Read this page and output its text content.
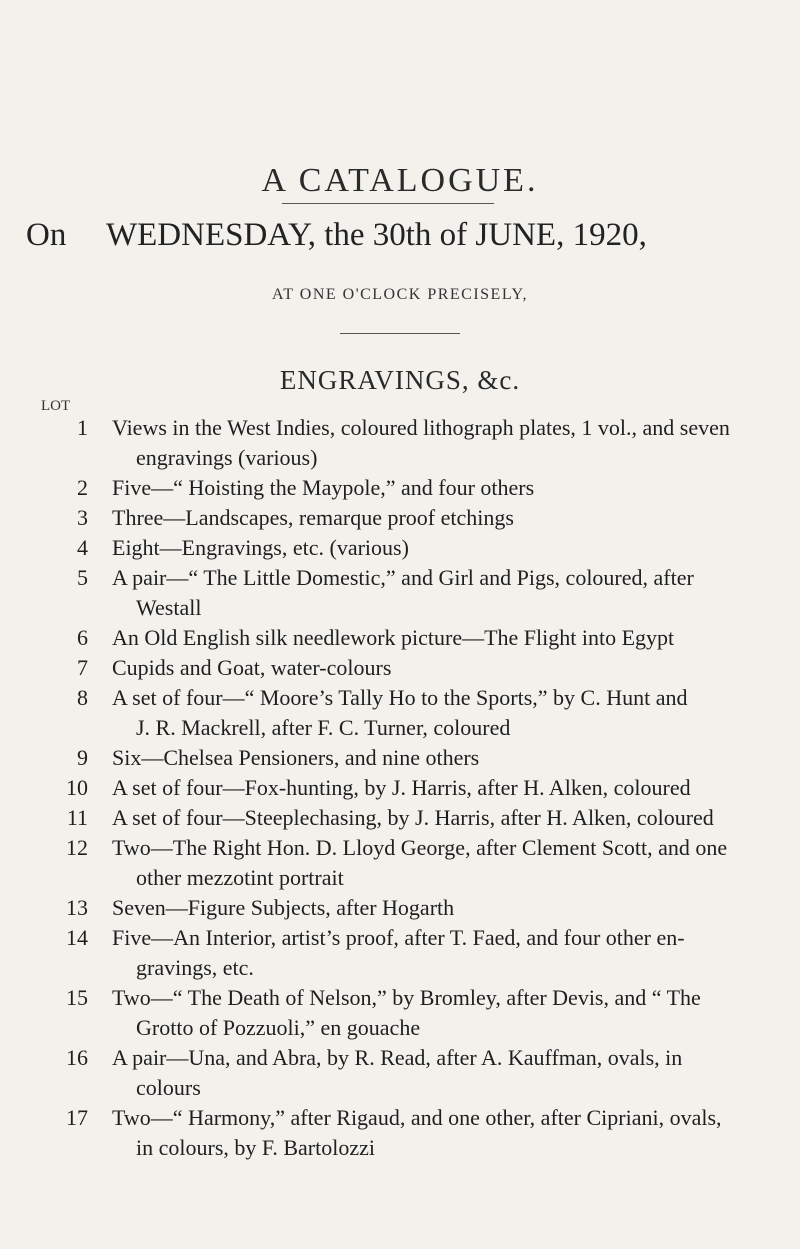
A CATALOGUE.
On WEDNESDAY, the 30th of JUNE, 1920,
AT ONE O'CLOCK PRECISELY,
ENGRAVINGS, &c.
LOT
1 Views in the West Indies, coloured lithograph plates, 1 vol., and seven
engravings (various)
2 Five—“ Hoisting the Maypole,” and four others
3 Three—Landscapes, remarque proof etchings
4 Eight—Engravings, etc. (various)
5 A pair—“ The Little Domestic,” and Girl and Pigs, coloured, after
Westall
6 An Old English silk needlework picture—The Flight into Egypt
7 Cupids and Goat, water-colours
8 A set of four—“ Moore’s Tally Ho to the Sports,” by C. Hunt and
J. R. Mackrell, after F. C. Turner, coloured
9 Six—Chelsea Pensioners, and nine others
10 A set of four—Fox-hunting, by J. Harris, after H. Alken, coloured
11 A set of four—Steeplechasing, by J. Harris, after H. Alken, coloured
12 Two—The Right Hon. D. Lloyd George, after Clement Scott, and one
other mezzotint portrait
13 Seven—Figure Subjects, after Hogarth
14 Five—An Interior, artist’s proof, after T. Faed, and four other en-
gravings, etc.
15 Two—“ The Death of Nelson,” by Bromley, after Devis, and “ The
Grotto of Pozzuoli,” en gouache
16 A pair—Una, and Abra, by R. Read, after A. Kauffman, ovals, in
colours
17 Two—“ Harmony,” after Rigaud, and one other, after Cipriani, ovals,
in colours, by F. Bartolozzi
